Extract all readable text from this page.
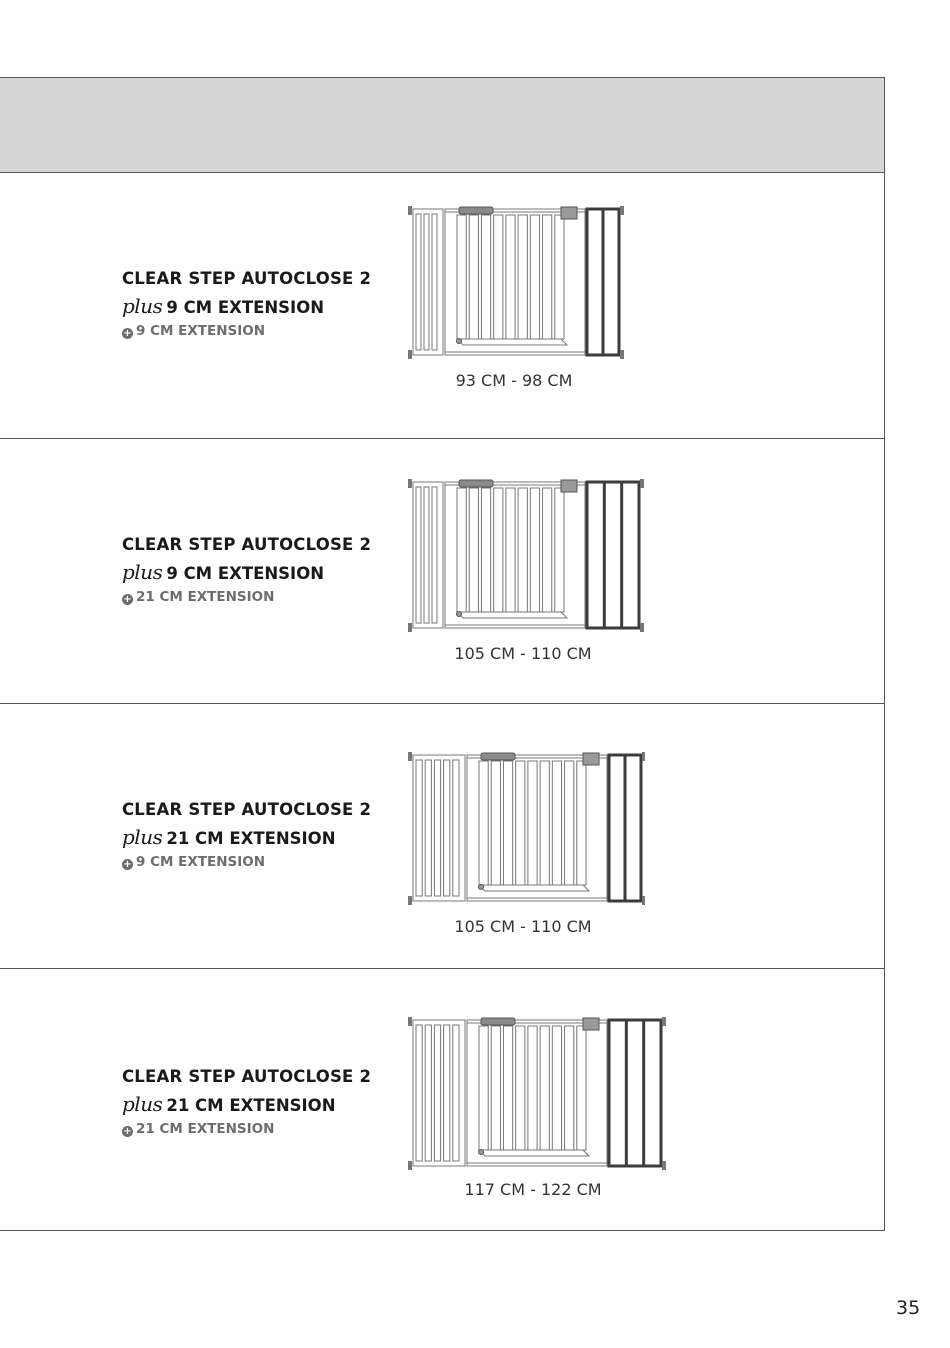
CLEAR STEP AUTOCLOSE 2
plus 9 CM EXTENSION
+ 9 CM EXTENSION
93 CM - 98 CM
CLEAR STEP AUTOCLOSE 2
plus 9 CM EXTENSION
+ 21 CM EXTENSION
105 CM - 110 CM
CLEAR STEP AUTOCLOSE 2
plus 21 CM EXTENSION
+ 9 CM EXTENSION
105 CM - 110 CM
CLEAR STEP AUTOCLOSE 2
plus 21 CM EXTENSION
+ 21 CM EXTENSION
117 CM - 122 CM
35
